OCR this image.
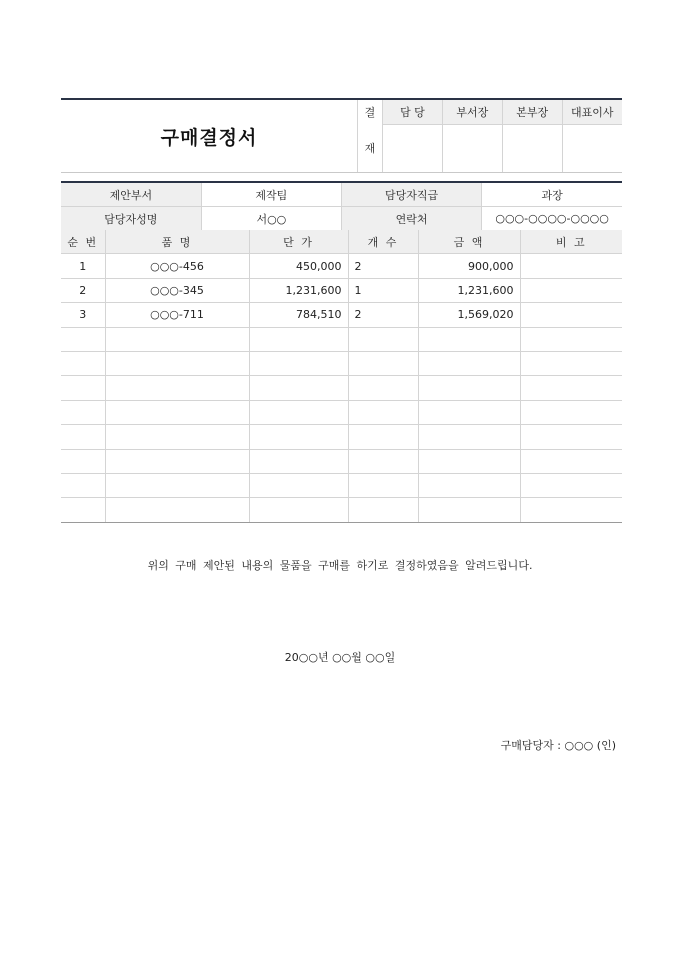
구매결정서
결	담 당	부서장	본부장	대표이사
재				
제안부서	제작팀	담당자직급	과장
담당자성명	서○○	연락처	○○○-○○○○-○○○○
순 번	품 명	단 가	개 수	금 액	비 고
1	○○○-456	450,000	2	900,000	
2	○○○-345	1,231,600	1	1,231,600	
3	○○○-711	784,510	2	1,569,020	

위의 구매 제안된 내용의 물품을 구매를 하기로 결정하였음을 알려드립니다.
20○○년 ○○월 ○○일
구매담당자 : ○○○ (인)
